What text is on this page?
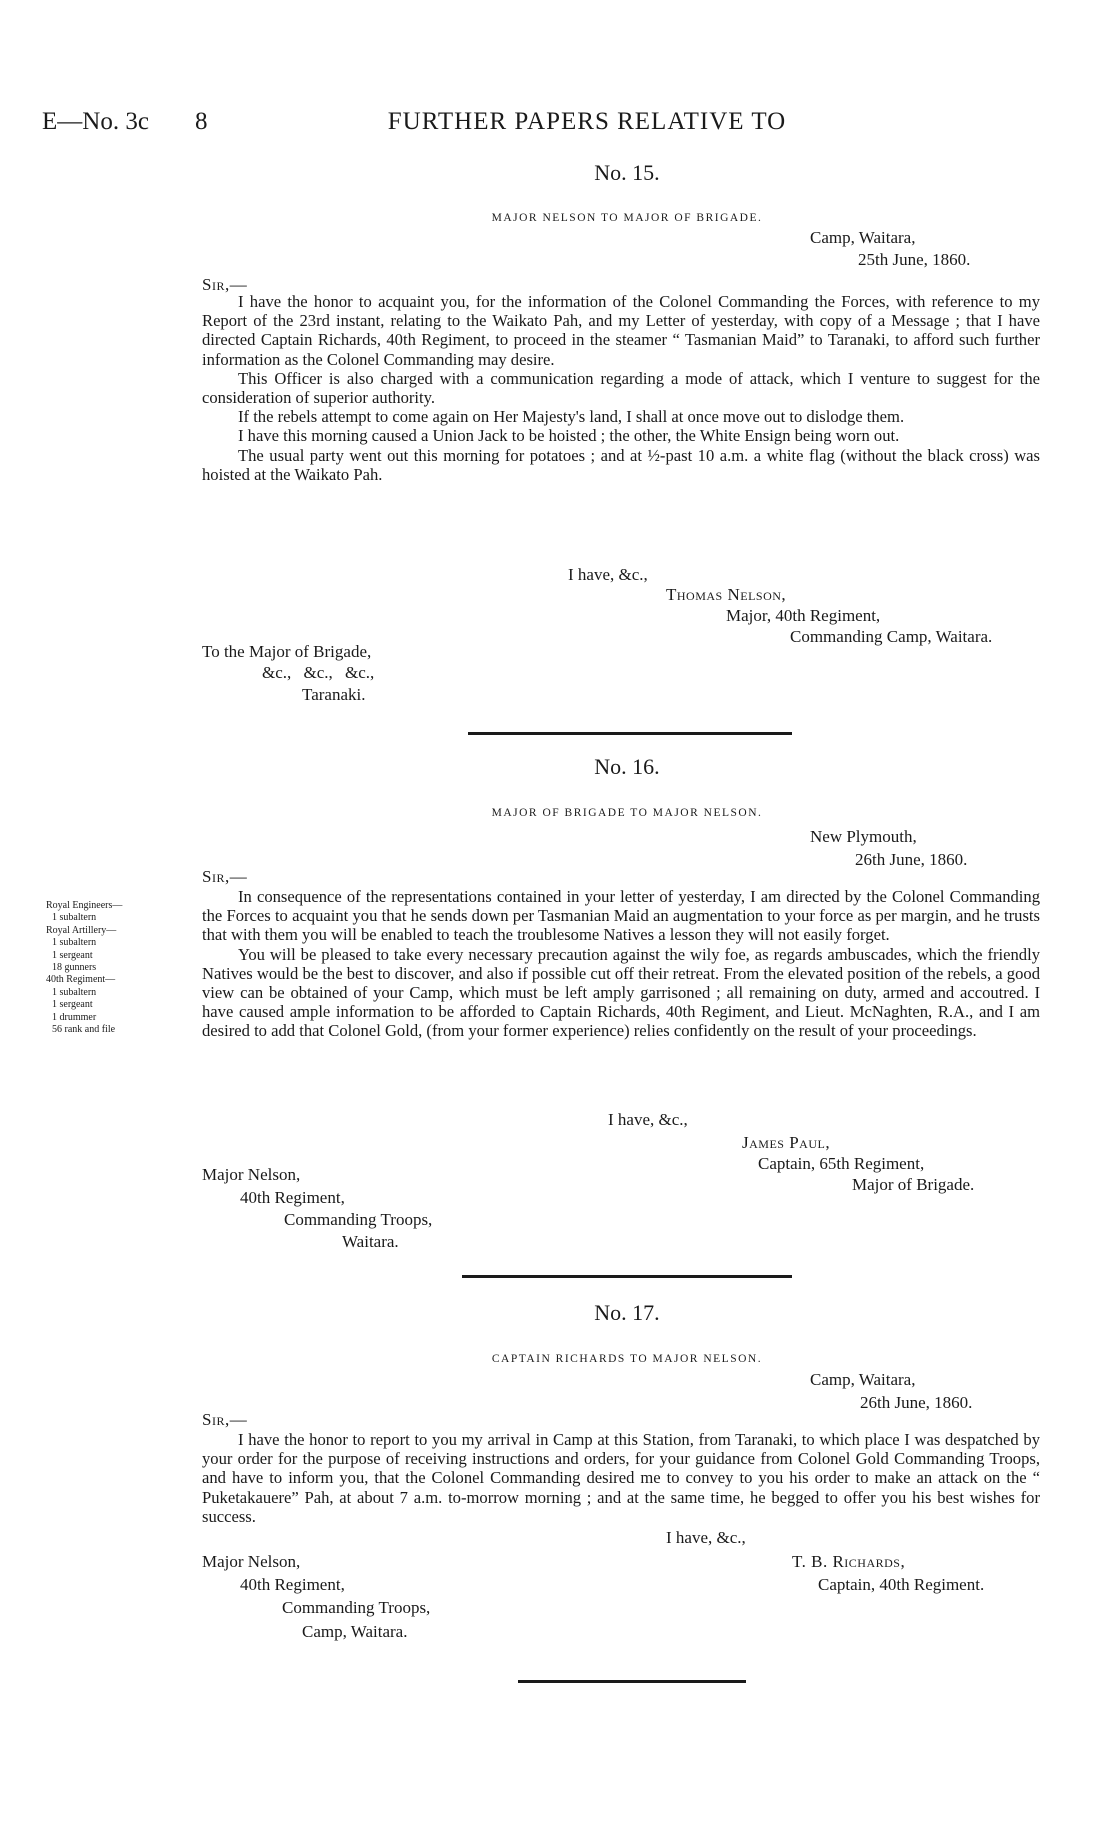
E—No. 3c 8	FURTHER PAPERS RELATIVE TO
No. 15.
MAJOR NELSON TO MAJOR OF BRIGADE.
Camp, Waitara,
25th June, 1860.
Sir,—

I have the honor to acquaint you, for the information of the Colonel Commanding the Forces, with reference to my Report of the 23rd instant, relating to the Waikato Pah, and my Letter of yesterday, with copy of a Message ; that I have directed Captain Richards, 40th Regiment, to proceed in the steamer “ Tasmanian Maid” to Taranaki, to afford such further information as the Colonel Commanding may desire.

This Officer is also charged with a communication regarding a mode of attack, which I venture to suggest for the consideration of superior authority.

If the rebels attempt to come again on Her Majesty's land, I shall at once move out to dislodge them.

I have this morning caused a Union Jack to be hoisted ; the other, the White Ensign being worn out.

The usual party went out this morning for potatoes ; and at ½-past 10 a.m. a white flag (without the black cross) was hoisted at the Waikato Pah.

I have, &c.,
Thomas Nelson,
Major, 40th Regiment,
Commanding Camp, Waitara.
To the Major of Brigade,
&c., &c., &c.,
Taranaki.
No. 16.
MAJOR OF BRIGADE TO MAJOR NELSON.
New Plymouth,
26th June, 1860.
Sir,—

In consequence of the representations contained in your letter of yesterday, I am directed by the Colonel Commanding the Forces to acquaint you that he sends down per Tasmanian Maid an augmentation to your force as per margin, and he trusts that with them you will be enabled to teach the troublesome Natives a lesson they will not easily forget.

You will be pleased to take every necessary precaution against the wily foe, as regards ambuscades, which the friendly Natives would be the best to discover, and also if possible cut off their retreat. From the elevated position of the rebels, a good view can be obtained of your Camp, which must be left amply garrisoned ; all remaining on duty, armed and accoutred. I have caused ample information to be afforded to Captain Richards, 40th Regiment, and Lieut. McNaghten, R.A., and I am desired to add that Colonel Gold, (from your former experience) relies confidently on the result of your proceedings.

Royal Engineers—
1 subaltern
Royal Artillery—
1 subaltern
1 sergeant
18 gunners
40th Regiment—
1 subaltern
1 sergeant
1 drummer
56 rank and file
I have, &c.,
James Paul,
Captain, 65th Regiment,
Major of Brigade.
Major Nelson,
40th Regiment,
Commanding Troops,
Waitara.
No. 17.
CAPTAIN RICHARDS TO MAJOR NELSON.
Camp, Waitara,
26th June, 1860.
Sir,—

I have the honor to report to you my arrival in Camp at this Station, from Taranaki, to which place I was despatched by your order for the purpose of receiving instructions and orders, for your guidance from Colonel Gold Commanding Troops, and have to inform you, that the Colonel Commanding desired me to convey to you his order to make an attack on the “ Puketakauere” Pah, at about 7 a.m. to-morrow morning ; and at the same time, he begged to offer you his best wishes for success.

I have, &c.,
T. B. Richards,
Captain, 40th Regiment.
Major Nelson,
40th Regiment,
Commanding Troops,
Camp, Waitara.
